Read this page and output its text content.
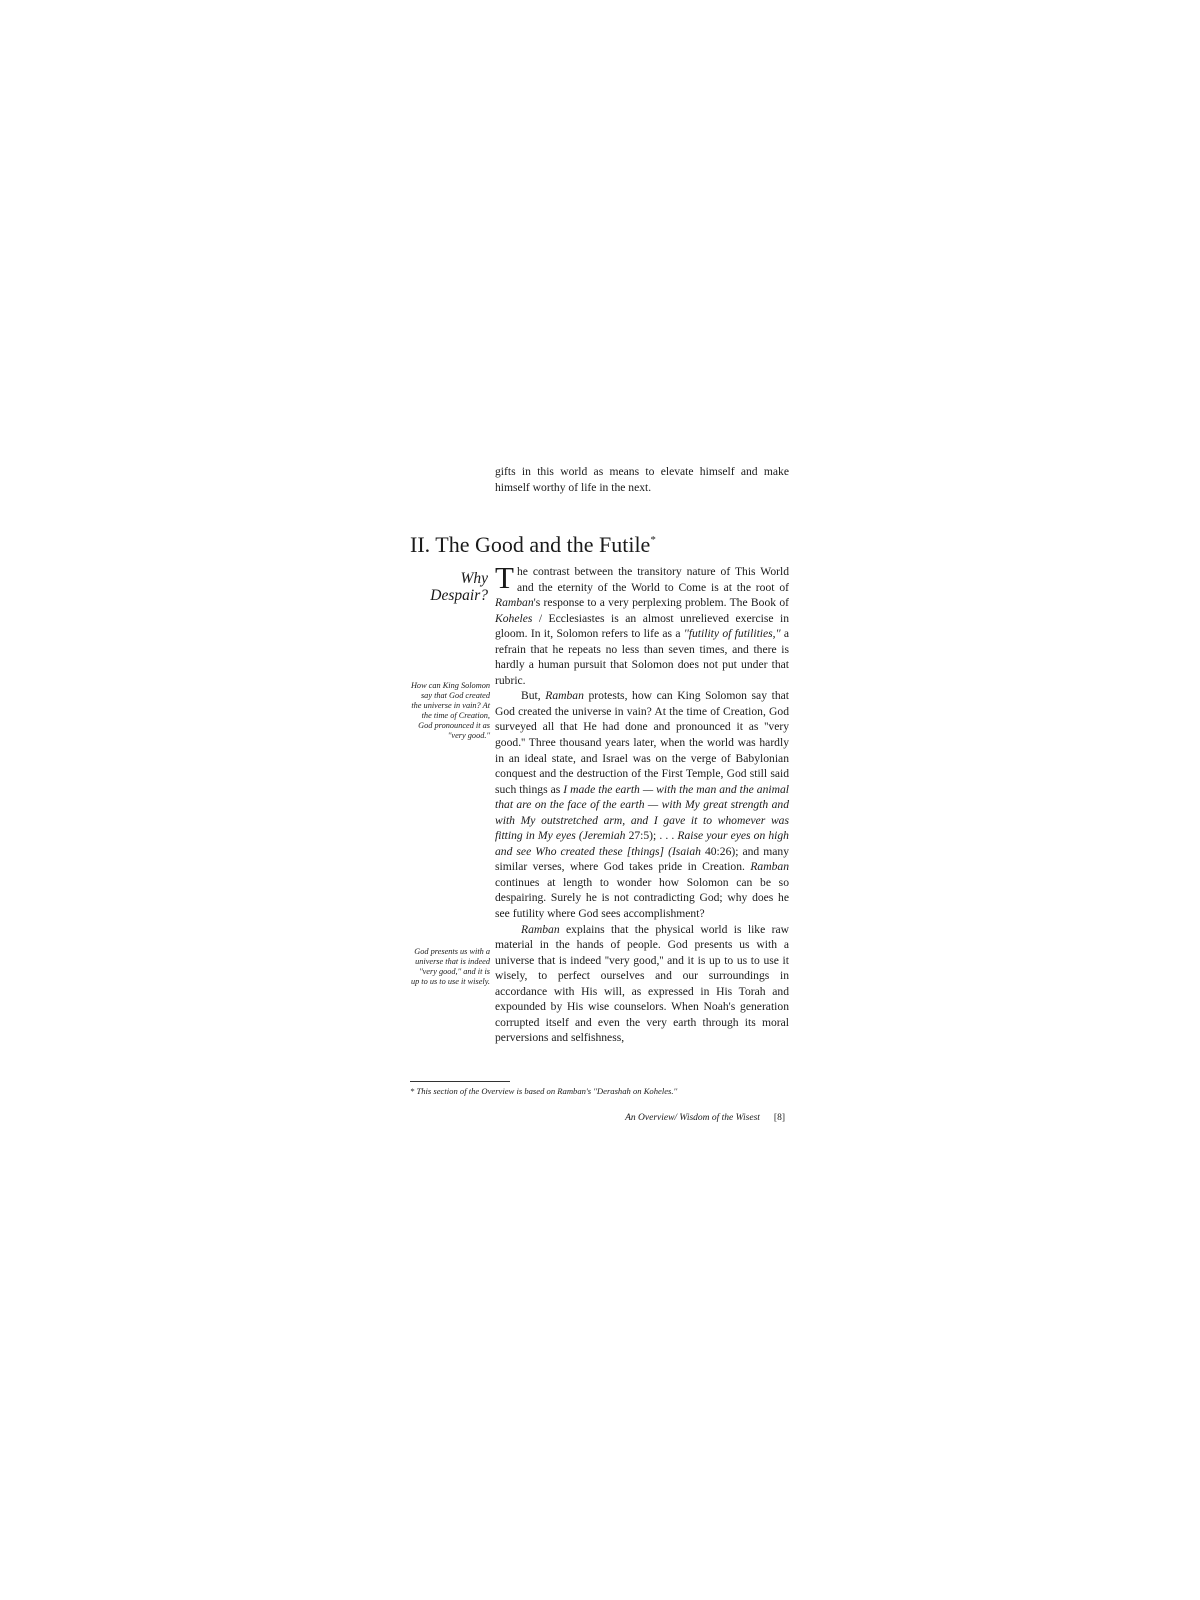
gifts in this world as means to elevate himself and make himself worthy of life in the next.

II. The Good and the Futile*
Why
Despair?
How can King Solomon say that God created the universe in vain? At the time of Creation, God pronounced it as ''very good.''
God presents us with a universe that is indeed ''very good,'' and it is up to us to use it wisely.

The contrast between the transitory nature of This World and the eternity of the World to Come is at the root of Ramban's response to a very perplexing problem. The Book of Koheles / Ecclesiastes is an almost unrelieved exercise in gloom. In it, Solomon refers to life as a ''futility of futilities,'' a refrain that he repeats no less than seven times, and there is hardly a human pursuit that Solomon does not put under that rubric.

But, Ramban protests, how can King Solomon say that God created the universe in vain? At the time of Creation, God surveyed all that He had done and pronounced it as ''very good.'' Three thousand years later, when the world was hardly in an ideal state, and Israel was on the verge of Babylonian conquest and the destruction of the First Temple, God still said such things as I made the earth — with the man and the animal that are on the face of the earth — with My great strength and with My outstretched arm, and I gave it to whomever was fitting in My eyes (Jeremiah 27:5); . . . Raise your eyes on high and see Who created these [things] (Isaiah 40:26); and many similar verses, where God takes pride in Creation. Ramban continues at length to wonder how Solomon can be so despairing. Surely he is not contradicting God; why does he see futility where God sees accomplishment?

Ramban explains that the physical world is like raw material in the hands of people. God presents us with a universe that is indeed ''very good,'' and it is up to us to use it wisely, to perfect ourselves and our surroundings in accordance with His will, as expressed in His Torah and expounded by His wise counselors. When Noah's generation corrupted itself and even the very earth through its moral perversions and selfishness,

* This section of the Overview is based on Ramban's ''Derashah on Koheles.''
An Overview/ Wisdom of the Wisest [8]
